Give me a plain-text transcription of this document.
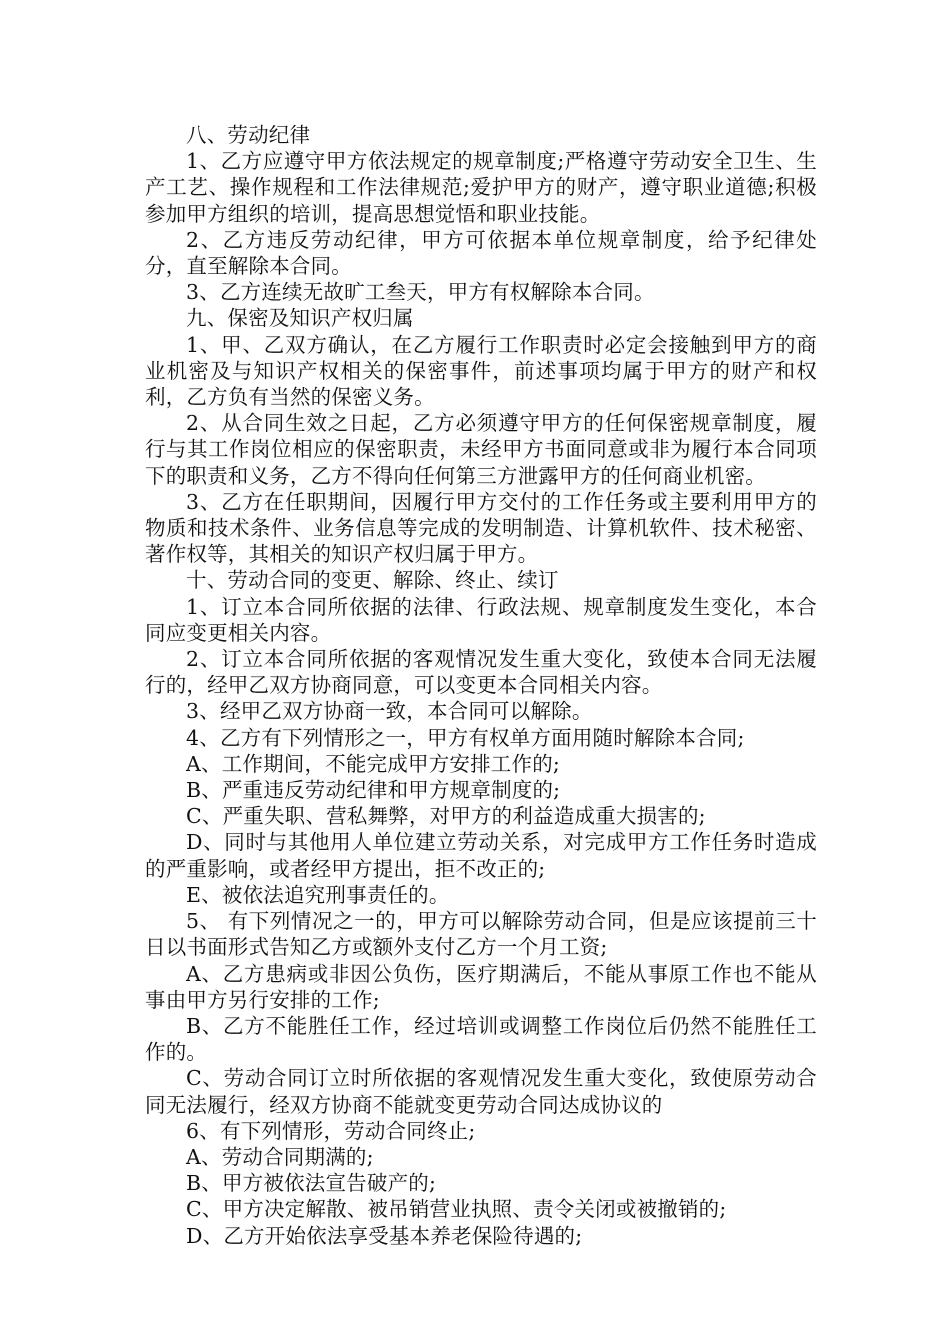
八、劳动纪律

1、乙方应遵守甲方依法规定的规章制度;严格遵守劳动安全卫生、生产工艺、操作规程和工作法律规范;爱护甲方的财产，遵守职业道德;积极参加甲方组织的培训，提高思想觉悟和职业技能。

2、乙方违反劳动纪律，甲方可依据本单位规章制度，给予纪律处分，直至解除本合同。

3、乙方连续无故旷工叁天，甲方有权解除本合同。

九、保密及知识产权归属

1、甲、乙双方确认，在乙方履行工作职责时必定会接触到甲方的商业机密及与知识产权相关的保密事件，前述事项均属于甲方的财产和权利，乙方负有当然的保密义务。

2、从合同生效之日起，乙方必须遵守甲方的任何保密规章制度，履行与其工作岗位相应的保密职责，未经甲方书面同意或非为履行本合同项下的职责和义务，乙方不得向任何第三方泄露甲方的任何商业机密。

3、乙方在任职期间，因履行甲方交付的工作任务或主要利用甲方的物质和技术条件、业务信息等完成的发明制造、计算机软件、技术秘密、著作权等，其相关的知识产权归属于甲方。

十、劳动合同的变更、解除、终止、续订

1、订立本合同所依据的法律、行政法规、规章制度发生变化，本合同应变更相关内容。

2、订立本合同所依据的客观情况发生重大变化，致使本合同无法履行的，经甲乙双方协商同意，可以变更本合同相关内容。

3、经甲乙双方协商一致，本合同可以解除。

4、乙方有下列情形之一，甲方有权单方面用随时解除本合同;

A、工作期间，不能完成甲方安排工作的;

B、严重违反劳动纪律和甲方规章制度的;

C、严重失职、营私舞弊，对甲方的利益造成重大损害的;

D、同时与其他用人单位建立劳动关系，对完成甲方工作任务时造成的严重影响，或者经甲方提出，拒不改正的;

E、被依法追究刑事责任的。

5、 有下列情况之一的，甲方可以解除劳动合同，但是应该提前三十日以书面形式告知乙方或额外支付乙方一个月工资;

A、乙方患病或非因公负伤，医疗期满后，不能从事原工作也不能从事由甲方另行安排的工作;

B、乙方不能胜任工作，经过培训或调整工作岗位后仍然不能胜任工作的。

C、劳动合同订立时所依据的客观情况发生重大变化，致使原劳动合同无法履行，经双方协商不能就变更劳动合同达成协议的

6、有下列情形，劳动合同终止;

A、劳动合同期满的;

B、甲方被依法宣告破产的;

C、甲方决定解散、被吊销营业执照、责令关闭或被撤销的;

D、乙方开始依法享受基本养老保险待遇的;
